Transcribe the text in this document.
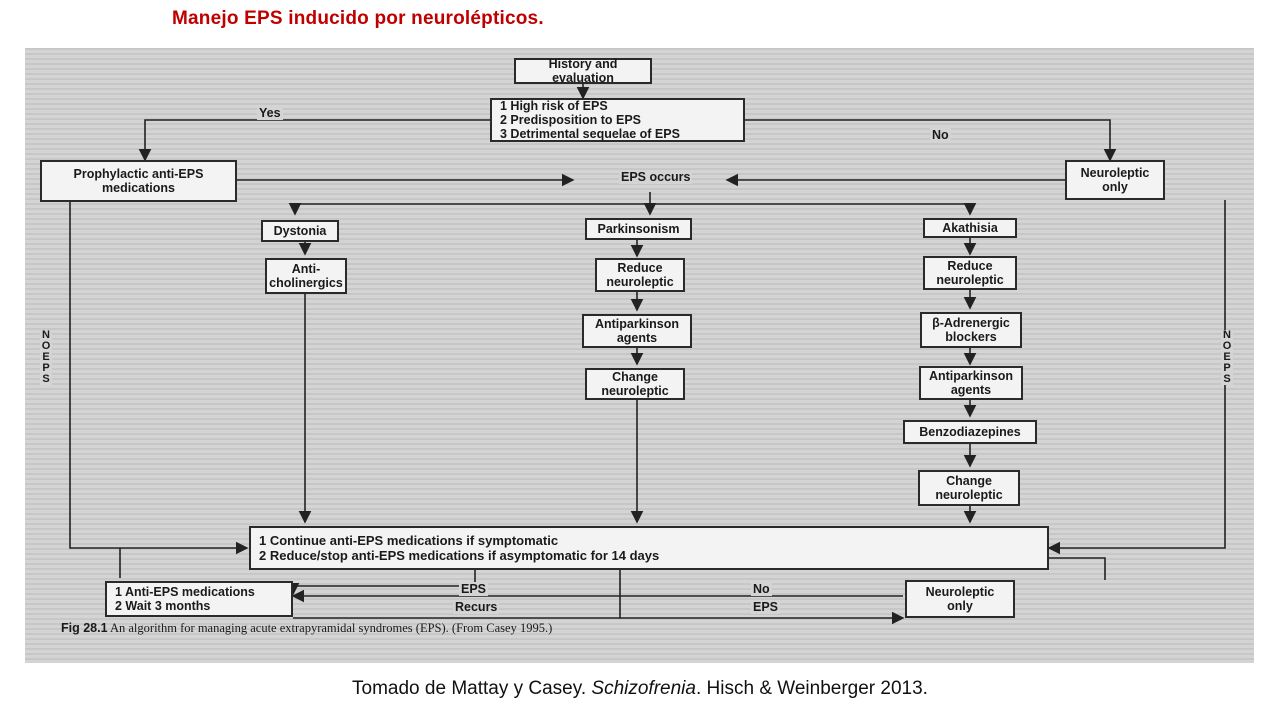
Manejo EPS inducido por neurolépticos.
History and evaluation
1 High risk of EPS
2 Predisposition to EPS
3 Detrimental sequelae of EPS
Yes
No
Prophylactic anti-EPS
medications
EPS occurs	Neuroleptic
only
Dystonia
Anti-
cholinergics
Parkinsonism
Reduce
neuroleptic
Antiparkinson
agents
Change
neuroleptic
Akathisia
Reduce
neuroleptic
β-Adrenergic
blockers
Antiparkinson
agents
Benzodiazepines
Change
neuroleptic
N
O
E
P
S
N
O
E
P
S
1 Continue anti-EPS medications if symptomatic
2 Reduce/stop anti-EPS medications if asymptomatic for 14 days
1 Anti-EPS medications
2 Wait 3 months
EPS
Recurs
No
EPS
Neuroleptic
only
Fig 28.1 An algorithm for managing acute extrapyramidal syndromes (EPS). (From Casey 1995.)
Tomado de Mattay y Casey. Schizofrenia. Hisch & Weinberger 2013.
